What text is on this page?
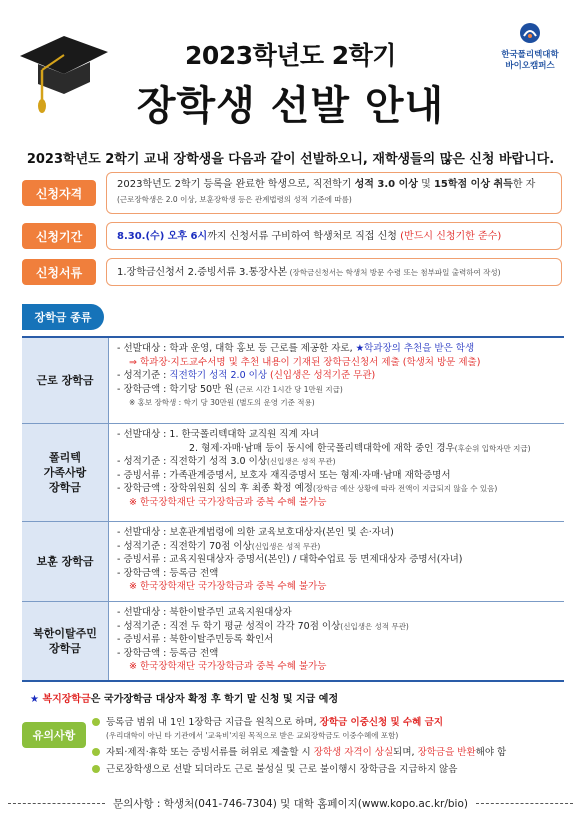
2023학년도 2학기
장학생 선발 안내
한국폴리텍대학
바이오캠퍼스
2023학년도 2학기 교내 장학생을 다음과 같이 선발하오니, 재학생들의 많은 신청 바랍니다.
신청자격
2023학년도 2학기 등록을 완료한 학생으로, 직전학기 성적 3.0 이상 및 15학점 이상 취득한 자
(근로장학생은 2.0 이상, 보훈장학생 등은 관계법령의 성적 기준에 따름)
신청기간	8.30.(수) 오후 6시까지 신청서류 구비하여 학생처로 직접 신청 (반드시 신청기한 준수)
신청서류	1.장학금신청서 2.증빙서류 3.통장사본 (장학금신청서는 학생처 방문 수령 또는 첨부파일 출력하여 작성)
장학금 종류
근로 장학금
- 선발대상 : 학과 운영, 대학 홍보 등 근로를 제공한 자로, ★학과장의 추천을 받은 학생
⇒ 학과장·지도교수서명 및 추천 내용이 기재된 장학금신청서 제출 (학생처 방문 제출)
- 성적기준 : 직전학기 성적 2.0 이상 (신입생은 성적기준 무관)
- 장학금액 : 학기당 50만 원 (근로 시간 1시간 당 1만원 지급)
※ 홍보 장학생 : 학기 당 30만원 (별도의 운영 기준 적용)
폴리텍
가족사랑
장학금
- 선발대상 : 1. 한국폴리텍대학 교직원 직계 자녀
2. 형제·자매·남매 등이 동시에 한국폴리텍대학에 재학 중인 경우(후순위 입학자만 지급)
- 성적기준 : 직전학기 성적 3.0 이상(신입생은 성적 무관)
- 증빙서류 : 가족관계증명서, 보호자 재직증명서 또는 형제·자매·남매 재학증명서
- 장학금액 : 장학위원회 심의 후 최종 확정 예정(장학금 예산 상황에 따라 전액이 지급되지 않을 수 있음)
※ 한국장학재단 국가장학금과 중복 수혜 불가능
보훈 장학금
- 선발대상 : 보훈관계법령에 의한 교육보호대상자(본인 및 손·자녀)
- 성적기준 : 직전학기 70점 이상(신입생은 성적 무관)
- 증빙서류 : 교육지원대상자 증명서(본인) / 대학수업료 등 면제대상자 증명서(자녀)
- 장학금액 : 등록금 전액
※ 한국장학재단 국가장학금과 중복 수혜 불가능
북한이탈주민
장학금
- 선발대상 : 북한이탈주민 교육지원대상자
- 성적기준 : 직전 두 학기 평균 성적이 각각 70점 이상(신입생은 성적 무관)
- 증빙서류 : 북한이탈주민등록 확인서
- 장학금액 : 등록금 전액
※ 한국장학재단 국가장학금과 중복 수혜 불가능
★ 복지장학금은 국가장학금 대상자 확정 후 학기 말 신청 및 지급 예정
유의사항
등록금 범위 내 1인 1장학금 지급을 원칙으로 하며, 장학금 이중신청 및 수혜 금지
(우리대학이 아닌 타 기관에서 '교육비'지원 목적으로 받은 교외장학금도 이중수혜에 포함)
자퇴·제적·휴학 또는 증빙서류를 허위로 제출할 시 장학생 자격이 상실되며, 장학금을 반환해야 함
근로장학생으로 선발 되더라도 근로 불성실 및 근로 불이행시 장학금을 지급하지 않음
문의사항 : 학생처(041-746-7304) 및 대학 홈페이지(www.kopo.ac.kr/bio)
